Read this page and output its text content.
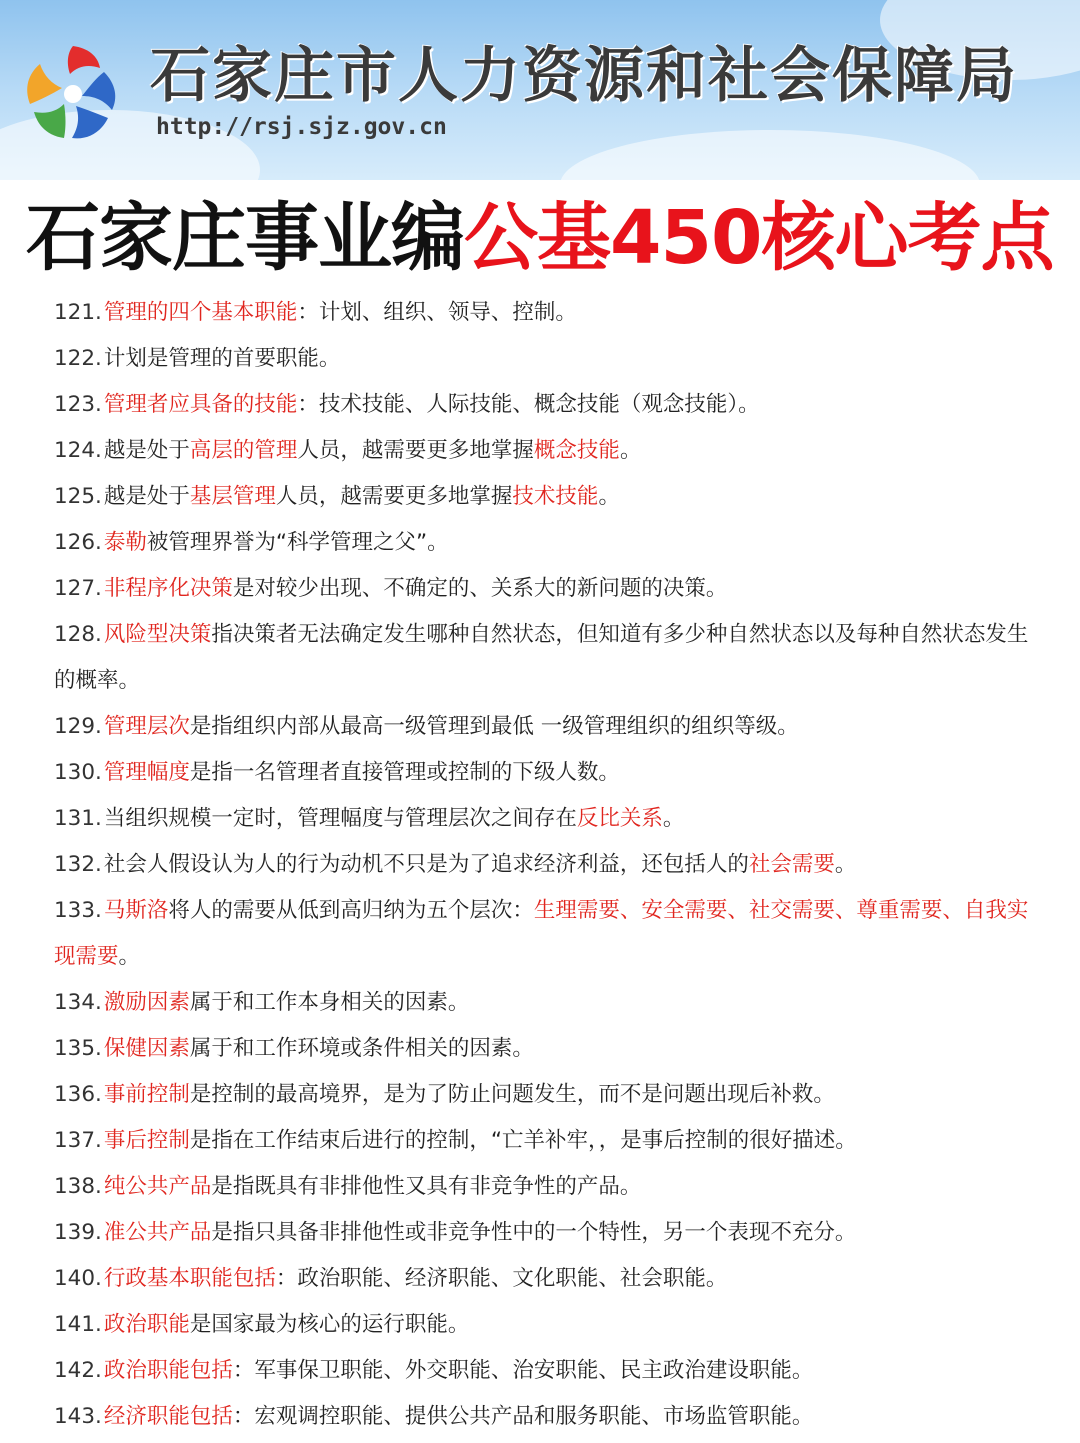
石家庄市人力资源和社会保障局
http://rsj.sjz.gov.cn
石家庄事业编公基450核心考点
121.管理的四个基本职能：计划、组织、领导、控制。
122.计划是管理的首要职能。
123.管理者应具备的技能：技术技能、人际技能、概念技能（观念技能）。
124.越是处于高层的管理人员，越需要更多地掌握概念技能。
125.越是处于基层管理人员，越需要更多地掌握技术技能。
126.泰勒被管理界誉为“科学管理之父”。
127.非程序化决策是对较少出现、不确定的、关系大的新问题的决策。
128.风险型决策指决策者无法确定发生哪种自然状态，但知道有多少种自然状态以及每种自然状态发生的概率。
129.管理层次是指组织内部从最高一级管理到最低 一级管理组织的组织等级。
130.管理幅度是指一名管理者直接管理或控制的下级人数。
131.当组织规模一定时，管理幅度与管理层次之间存在反比关系。
132.社会人假设认为人的行为动机不只是为了追求经济利益，还包括人的社会需要。
133.马斯洛将人的需要从低到高归纳为五个层次：生理需要、安全需要、社交需要、尊重需要、自我实现需要。
134.激励因素属于和工作本身相关的因素。
135.保健因素属于和工作环境或条件相关的因素。
136.事前控制是控制的最高境界，是为了防止问题发生，而不是问题出现后补救。
137.事后控制是指在工作结束后进行的控制，“亡羊补牢，，是事后控制的很好描述。
138.纯公共产品是指既具有非排他性又具有非竞争性的产品。
139.准公共产品是指只具备非排他性或非竞争性中的一个特性，另一个表现不充分。
140.行政基本职能包括：政治职能、经济职能、文化职能、社会职能。
141.政治职能是国家最为核心的运行职能。
142.政治职能包括：军事保卫职能、外交职能、治安职能、民主政治建设职能。
143.经济职能包括：宏观调控职能、提供公共产品和服务职能、市场监管职能。
